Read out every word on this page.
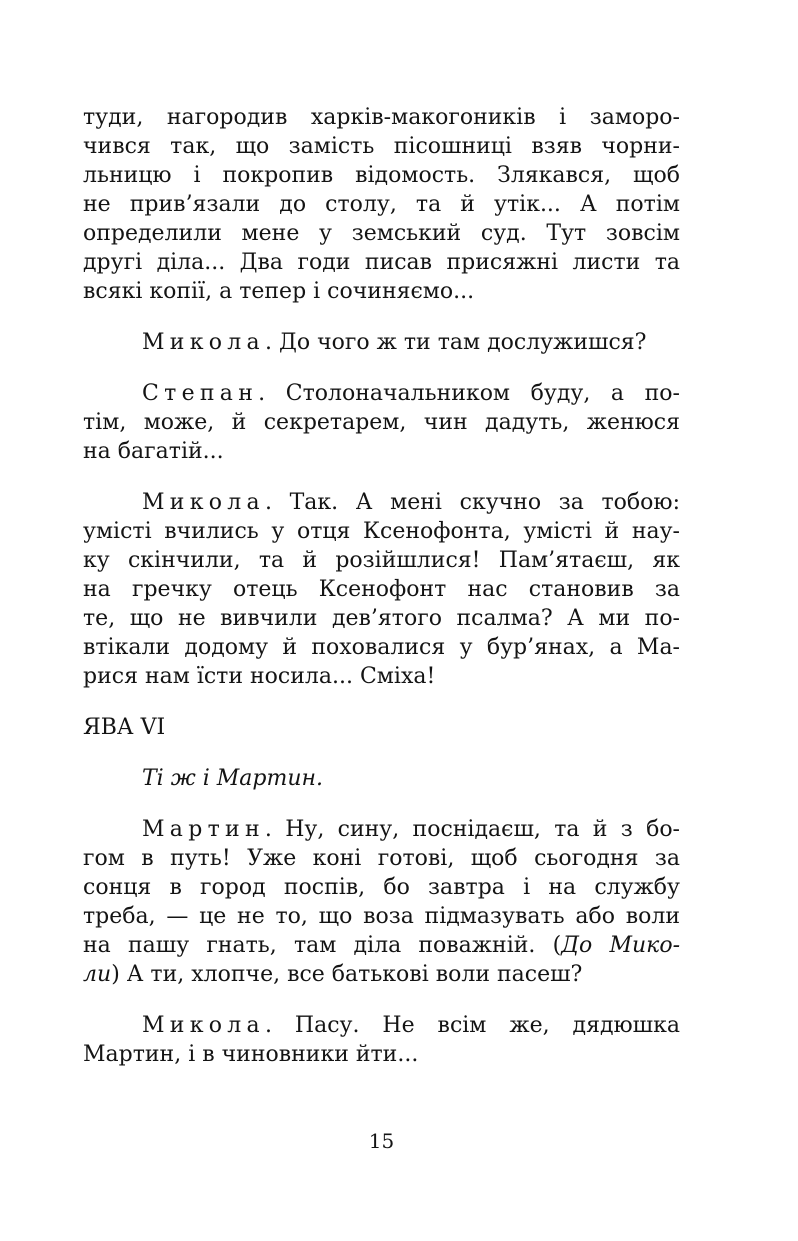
туди, нагородив харків-макогоників і заморо-
чився так, що замість пісошниці взяв чорни-
льницю і покропив відомость. Злякався, щоб
не прив’язали до столу, та й утік... А потім
определили мене у земський суд. Тут зовсім
другі діла... Два годи писав присяжні листи та
всякі копії, а тепер і сочиняємо...
Микола. До чого ж ти там дослужишся?
Степан. Столоначальником буду, а по-
тім, може, й секретарем, чин дадуть, женюся
на багатій...
Микола. Так. А мені скучно за тобою:
умісті вчились у отця Ксенофонта, умісті й нау-
ку скінчили, та й розійшлися! Пам’ятаєш, як
на гречку отець Ксенофонт нас становив за
те, що не вивчили дев’ятого псалма? А ми по-
втікали додому й поховалися у бур’янах, а Ма-
рися нам їсти носила... Сміха!
ЯВА VI
Ті ж і Мартин.
Мартин. Ну, сину, поснідаєш, та й з бо-
гом в путь! Уже коні готові, щоб сьогодня за
сонця в город поспів, бо завтра і на службу
треба, — це не то, що воза підмазувать або воли
на пашу гнать, там діла поважній. (До Мико-
ли) А ти, хлопче, все батькові воли пасеш?
Микола. Пасу. Не всім же, дядюшка
Мартин, і в чиновники йти...
15
